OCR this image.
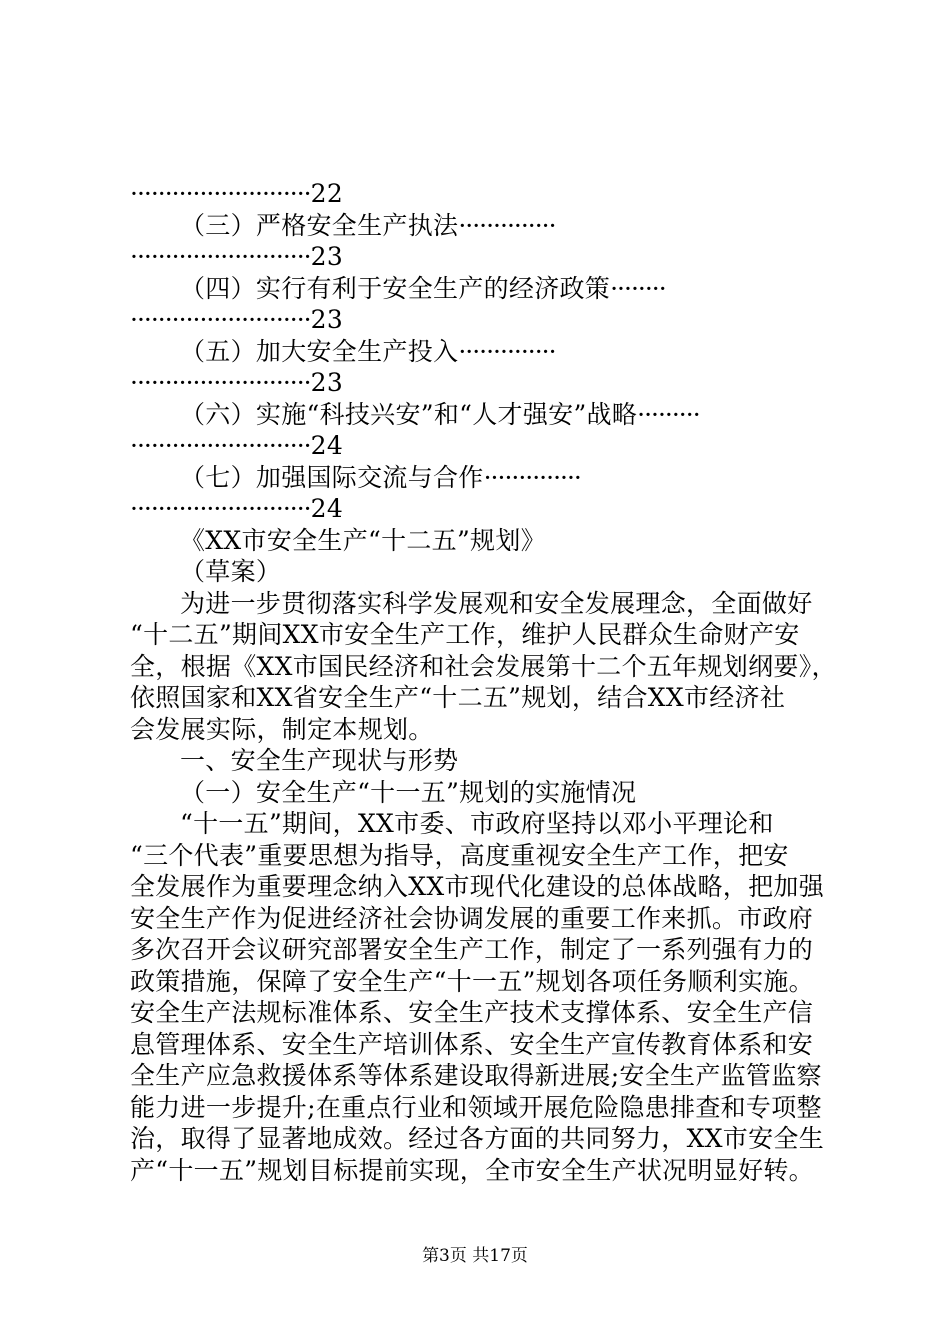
··························22
（三）严格安全生产执法··············
··························23
（四）实行有利于安全生产的经济政策········
··························23
（五）加大安全生产投入··············
··························23
（六）实施“科技兴安”和“人才强安”战略·········
··························24
（七）加强国际交流与合作··············
··························24
《XX市安全生产“十二五”规划》
（草案）
为进一步贯彻落实科学发展观和安全发展理念，全面做好
“十二五”期间XX市安全生产工作，维护人民群众生命财产安
全，根据《XX市国民经济和社会发展第十二个五年规划纲要》，
依照国家和XX省安全生产“十二五”规划，结合XX市经济社
会发展实际，制定本规划。
一、安全生产现状与形势
（一）安全生产“十一五”规划的实施情况
“十一五”期间，XX市委、市政府坚持以邓小平理论和
“三个代表”重要思想为指导，高度重视安全生产工作，把安
全发展作为重要理念纳入XX市现代化建设的总体战略，把加强
安全生产作为促进经济社会协调发展的重要工作来抓。市政府
多次召开会议研究部署安全生产工作，制定了一系列强有力的
政策措施，保障了安全生产“十一五”规划各项任务顺利实施。
安全生产法规标准体系、安全生产技术支撑体系、安全生产信
息管理体系、安全生产培训体系、安全生产宣传教育体系和安
全生产应急救援体系等体系建设取得新进展;安全生产监管监察
能力进一步提升;在重点行业和领域开展危险隐患排查和专项整
治，取得了显著地成效。经过各方面的共同努力，XX市安全生
产“十一五”规划目标提前实现，全市安全生产状况明显好转。
第3页 共17页
